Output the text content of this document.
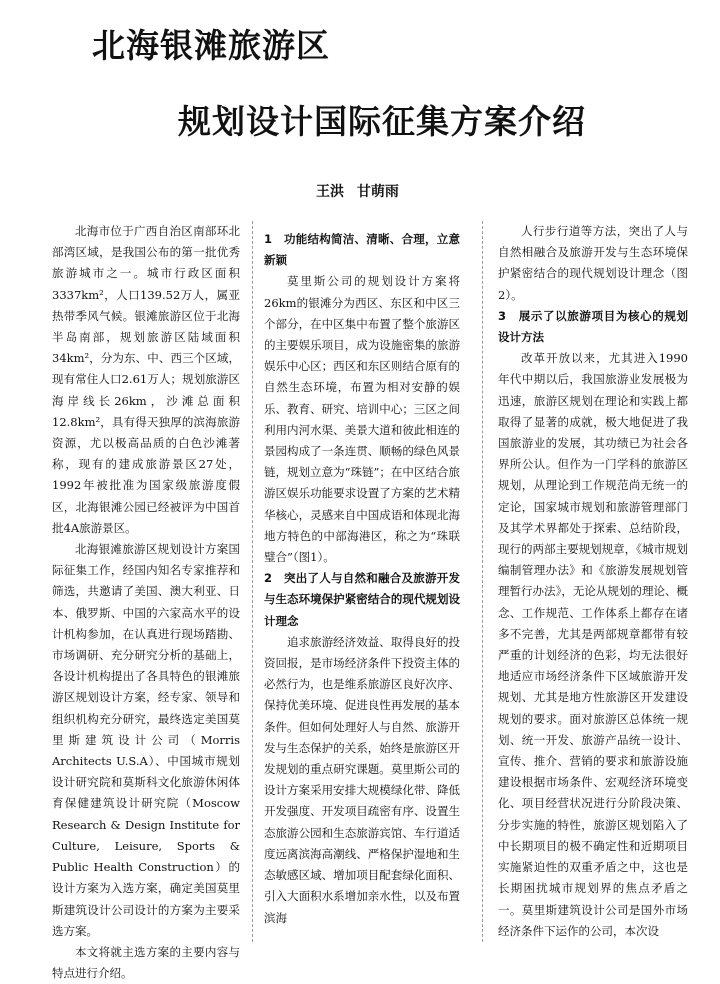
北海银滩旅游区
规划设计国际征集方案介绍
王洪 甘萌雨

北海市位于广西自治区南部环北部湾区域，是我国公布的第一批优秀旅游城市之一。城市行政区面积3337km²，人口139.52万人，属亚热带季风气候。银滩旅游区位于北海半岛南部，规划旅游区陆域面积34km²，分为东、中、西三个区域，现有常住人口2.61万人；规划旅游区海岸线长26km，沙滩总面积12.8km²，具有得天独厚的滨海旅游资源，尤以极高品质的白色沙滩著称，现有的建成旅游景区27处，1992年被批准为国家级旅游度假区，北海银滩公园已经被评为中国首批4A旅游景区。

北海银滩旅游区规划设计方案国际征集工作，经国内知名专家推荐和筛选，共邀请了美国、澳大利亚、日本、俄罗斯、中国的六家高水平的设计机构参加，在认真进行现场踏勘、市场调研、充分研究分析的基础上，各设计机构提出了各具特色的银滩旅游区规划设计方案，经专家、领导和组织机构充分研究，最终选定美国莫里斯建筑设计公司（Morris Architects U.S.A）、中国城市规划设计研究院和莫斯科文化旅游休闲体育保健建筑设计研究院（Moscow Research & Design Institute for Culture, Leisure, Sports & Public Health Construction）的设计方案为入选方案，确定美国莫里斯建筑设计公司设计的方案为主要采选方案。

本文将就主选方案的主要内容与特点进行介绍。

1　功能结构简洁、清晰、合理，立意新颖

莫里斯公司的规划设计方案将26km的银滩分为西区、东区和中区三个部分，在中区集中布置了整个旅游区的主要娱乐项目，成为设施密集的旅游娱乐中心区；西区和东区则结合原有的自然生态环境，布置为相对安静的娱乐、教育、研究、培训中心；三区之间利用内河水渠、美景大道和彼此相连的景园构成了一条连贯、顺畅的绿色风景链，规划立意为“珠链”；在中区结合旅游区娱乐功能要求设置了方案的艺术精华核心，灵感来自中国成语和体现北海地方特色的中部海港区，称之为“珠联璧合”（图1）。

2　突出了人与自然和融合及旅游开发与生态环境保护紧密结合的现代规划设计理念

追求旅游经济效益、取得良好的投资回报，是市场经济条件下投资主体的必然行为，也是维系旅游区良好次序、保持优美环境、促进良性再发展的基本条件。但如何处理好人与自然、旅游开发与生态保护的关系，始终是旅游区开发规划的重点研究课题。莫里斯公司的设计方案采用安排大规模绿化带、降低开发强度、开发项目疏密有序、设置生态旅游公园和生态旅游宾馆、车行道适度远离滨海高潮线、严格保护湿地和生态敏感区域、增加项目配套绿化面积、引入大面积水系增加亲水性，以及布置滨海

人行步行道等方法，突出了人与自然相融合及旅游开发与生态环境保护紧密结合的现代规划设计理念（图2）。

3　展示了以旅游项目为核心的规划设计方法

改革开放以来，尤其进入1990年代中期以后，我国旅游业发展极为迅速，旅游区规划在理论和实践上都取得了显著的成就，极大地促进了我国旅游业的发展，其功绩已为社会各界所公认。但作为一门学科的旅游区规划，从理论到工作规范尚无统一的定论，国家城市规划和旅游管理部门及其学术界都处于探索、总结阶段，现行的两部主要规划规章，《城市规划编制管理办法》和《旅游发展规划管理暂行办法》，无论从规划的理论、概念、工作规范、工作体系上都存在诸多不完善，尤其是两部规章都带有较严重的计划经济的色彩，均无法很好地适应市场经济条件下区域旅游开发规划、尤其是地方性旅游区开发建设规划的要求。面对旅游区总体统一规划、统一开发、旅游产品统一设计、宣传、推介、营销的要求和旅游设施建设根据市场条件、宏观经济环境变化、项目经营状况进行分阶段决策、分步实施的特性，旅游区规划陷入了中长期项目的极不确定性和近期项目实施紧迫性的双重矛盾之中，这也是长期困扰城市规划界的焦点矛盾之一。莫里斯建筑设计公司是国外市场经济条件下运作的公司，本次设
